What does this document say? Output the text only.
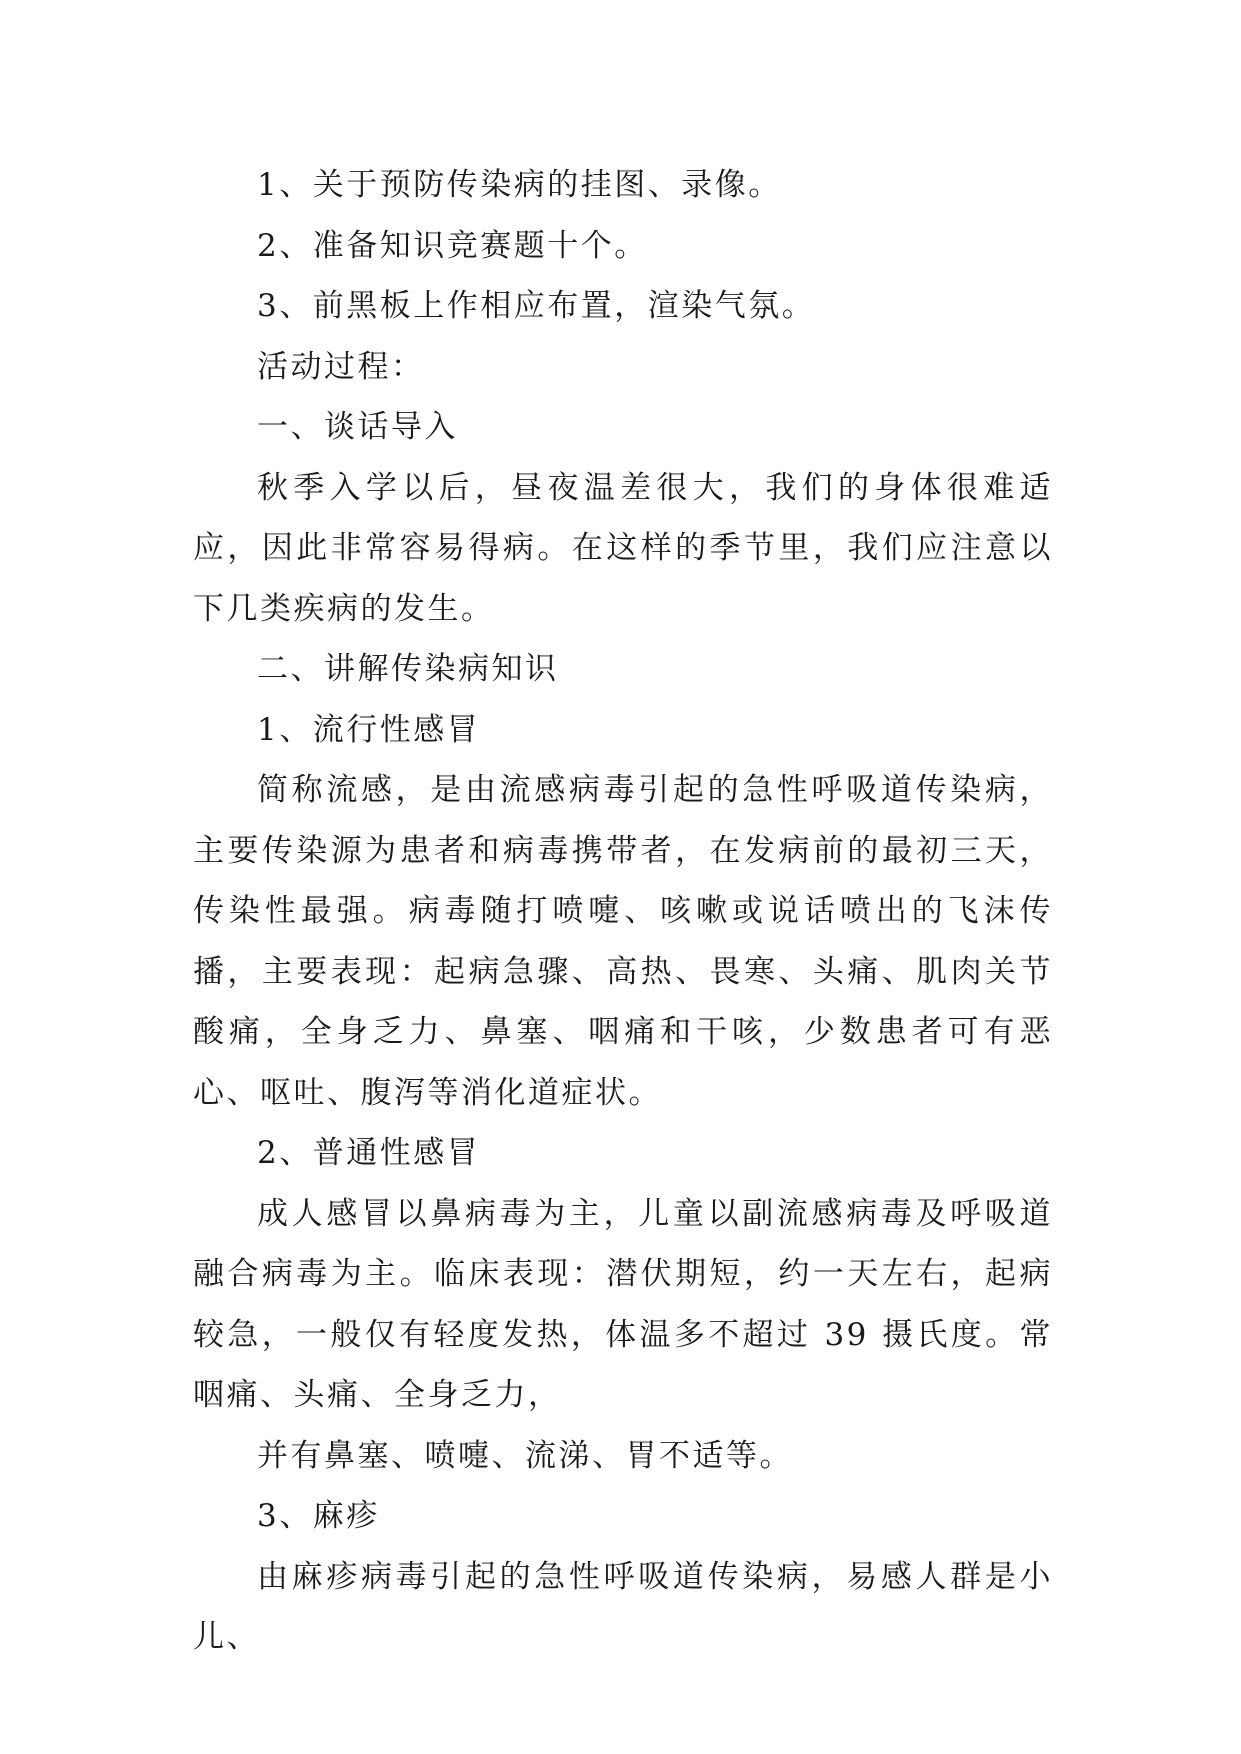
1、关于预防传染病的挂图、录像。

2、准备知识竞赛题十个。

3、前黑板上作相应布置，渲染气氛。

活动过程：

一、谈话导入

秋季入学以后，昼夜温差很大，我们的身体很难适应，因此非常容易得病。在这样的季节里，我们应注意以下几类疾病的发生。

二、讲解传染病知识

1、流行性感冒

简称流感，是由流感病毒引起的急性呼吸道传染病，主要传染源为患者和病毒携带者，在发病前的最初三天，传染性最强。病毒随打喷嚏、咳嗽或说话喷出的飞沫传播，主要表现：起病急骤、高热、畏寒、头痛、肌肉关节酸痛，全身乏力、鼻塞、咽痛和干咳，少数患者可有恶心、呕吐、腹泻等消化道症状。

2、普通性感冒

成人感冒以鼻病毒为主，儿童以副流感病毒及呼吸道融合病毒为主。临床表现：潜伏期短，约一天左右，起病较急，一般仅有轻度发热，体温多不超过 39 摄氏度。常咽痛、头痛、全身乏力，

并有鼻塞、喷嚏、流涕、胃不适等。

3、麻疹

由麻疹病毒引起的急性呼吸道传染病，易感人群是小儿、
